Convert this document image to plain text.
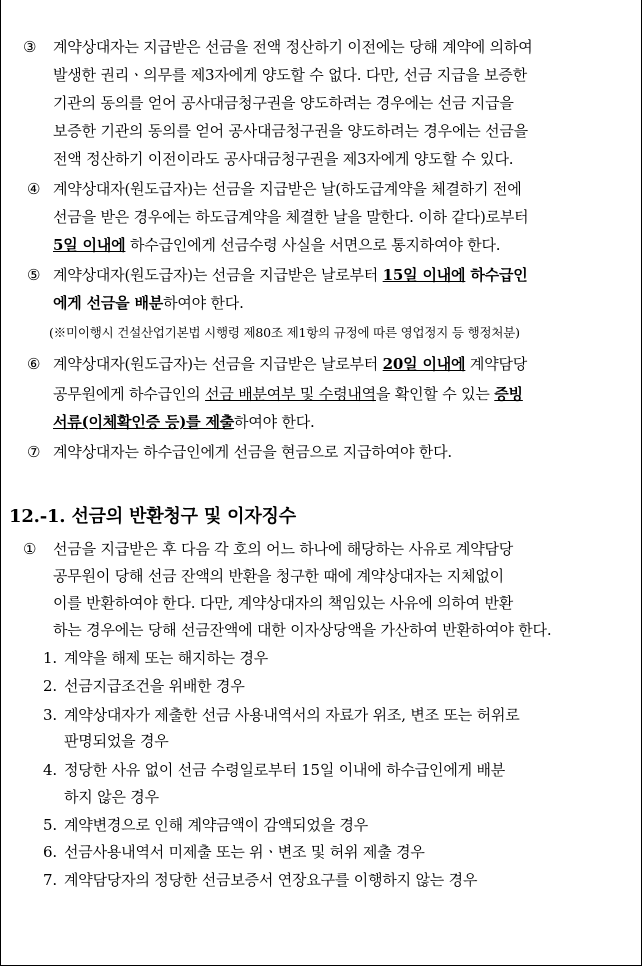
③ 계약상대자는 지급받은 선금을 전액 정산하기 이전에는 당해 계약에 의하여
발생한 권리ㆍ의무를 제3자에게 양도할 수 없다. 다만, 선금 지급을 보증한
기관의 동의를 얻어 공사대금청구권을 양도하려는 경우에는 선금 지급을
보증한 기관의 동의를 얻어 공사대금청구권을 양도하려는 경우에는 선금을
전액 정산하기 이전이라도 공사대금청구권을 제3자에게 양도할 수 있다.
④ 계약상대자(원도급자)는 선금을 지급받은 날(하도급계약을 체결하기 전에
선금을 받은 경우에는 하도급계약을 체결한 날을 말한다. 이하 같다)로부터
5일 이내에 하수급인에게 선금수령 사실을 서면으로 통지하여야 한다.
⑤ 계약상대자(원도급자)는 선금을 지급받은 날로부터 15일 이내에 하수급인
에게 선금을 배분하여야 한다.
(※미이행시 건설산업기본법 시행령 제80조 제1항의 규정에 따른 영업정지 등 행정처분)
⑥ 계약상대자(원도급자)는 선금을 지급받은 날로부터 20일 이내에 계약담당
공무원에게 하수급인의 선금 배분여부 및 수령내역을 확인할 수 있는 증빙
서류(이체확인증 등)를 제출하여야 한다.
⑦ 계약상대자는 하수급인에게 선금을 현금으로 지급하여야 한다.
12.-1. 선금의 반환청구 및 이자징수
① 선금을 지급받은 후 다음 각 호의 어느 하나에 해당하는 사유로 계약담당
공무원이 당해 선금 잔액의 반환을 청구한 때에 계약상대자는 지체없이
이를 반환하여야 한다. 다만, 계약상대자의 책임있는 사유에 의하여 반환
하는 경우에는 당해 선금잔액에 대한 이자상당액을 가산하여 반환하여야 한다.
1. 계약을 해제 또는 해지하는 경우
2. 선금지급조건을 위배한 경우
3. 계약상대자가 제출한 선금 사용내역서의 자료가 위조, 변조 또는 허위로
판명되었을 경우
4. 정당한 사유 없이 선금 수령일로부터 15일 이내에 하수급인에게 배분
하지 않은 경우
5. 계약변경으로 인해 계약금액이 감액되었을 경우
6. 선금사용내역서 미제출 또는 위ㆍ변조 및 허위 제출 경우
7. 계약담당자의 정당한 선금보증서 연장요구를 이행하지 않는 경우
